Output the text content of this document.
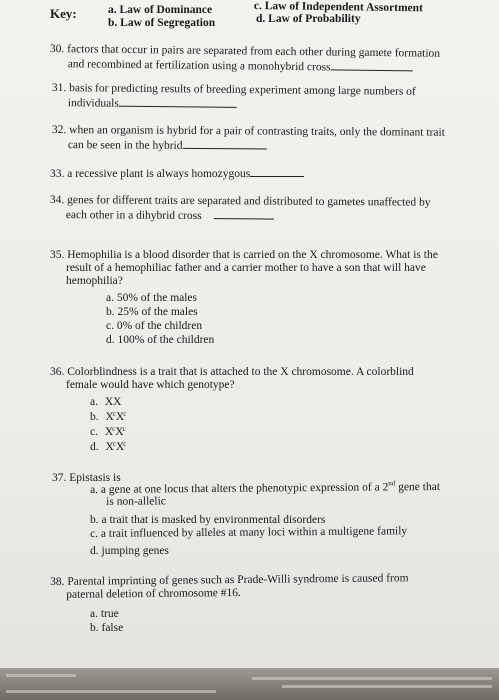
Key:	a. Law of Dominance
b. Law of Segregation
c. Law of Independent Assortment
d. Law of Probability
30. factors that occur in pairs are separated from each other during gamete formation
and recombined at fertilization using a monohybrid cross
31. basis for predicting results of breeding experiment among large numbers of
individuals
32. when an organism is hybrid for a pair of contrasting traits, only the dominant trait
can be seen in the hybrid
33. a recessive plant is always homozygous
34. genes for different traits are separated and distributed to gametes unaffected by
each other in a dihybrid cross
35. Hemophilia is a blood disorder that is carried on the X chromosome. What is the
result of a hemophiliac father and a carrier mother to have a son that will have
hemophilia?
a. 50% of the males
b. 25% of the males
c. 0% of the children
d. 100% of the children
36. Colorblindness is a trait that is attached to the X chromosome. A colorblind
female would have which genotype?
a. XX
b. $X^cX^c$
c. $X^cX^c$
d. $X^cX^c$
37. Epistasis is
a. a gene at one locus that alters the phenotypic expression of a 2nd gene that
is non-allelic
b. a trait that is masked by environmental disorders
c. a trait influenced by alleles at many loci within a multigene family
d. jumping genes
38. Parental imprinting of genes such as Prade-Willi syndrome is caused from
paternal deletion of chromosome #16.
a. true
b. false
